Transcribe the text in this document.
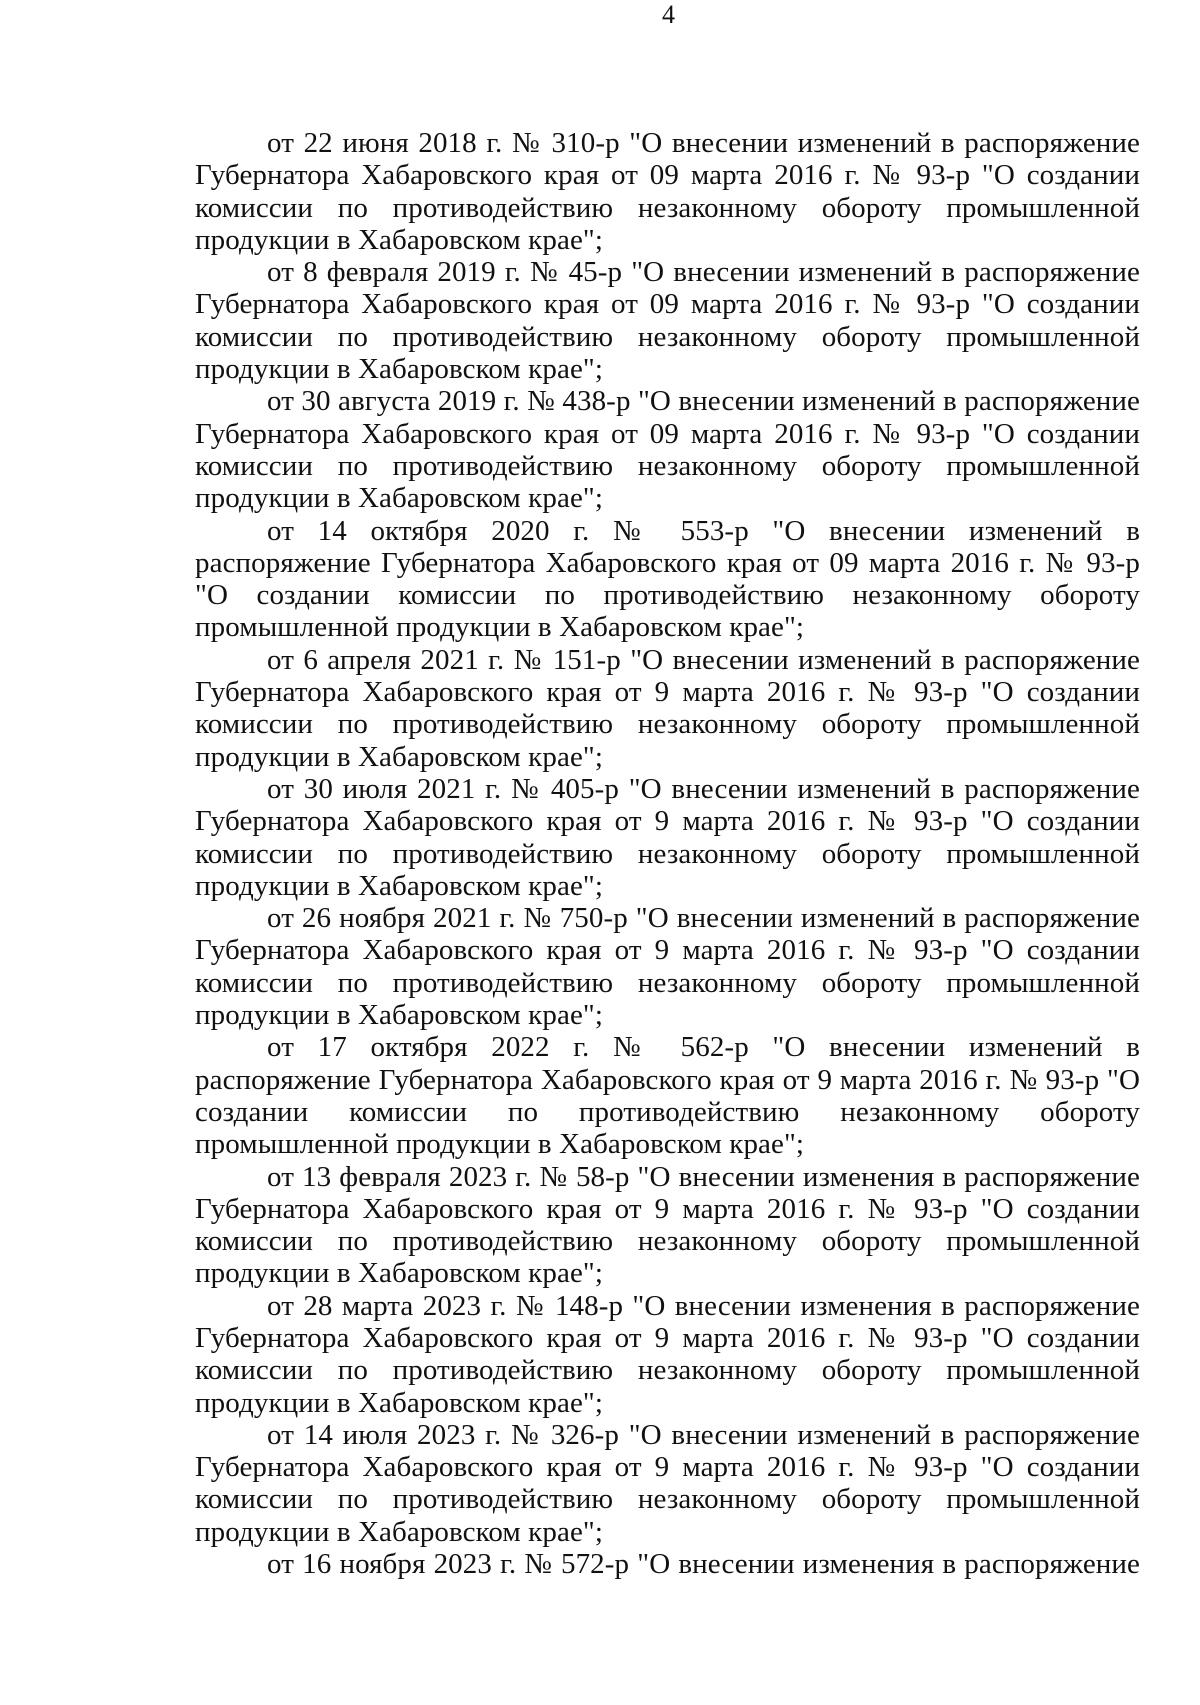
4

от 22 июня 2018 г. № 310-р "О внесении изменений в распоряжение Губернатора Хабаровского края от 09 марта 2016 г. № 93-р "О создании комиссии по противодействию незаконному обороту промышленной продукции в Хабаровском крае";

от 8 февраля 2019 г. № 45-р "О внесении изменений в распоряжение Губернатора Хабаровского края от 09 марта 2016 г. № 93-р "О создании комиссии по противодействию незаконному обороту промышленной продукции в Хабаровском крае";

от 30 августа 2019 г. № 438-р "О внесении изменений в распоряжение Губернатора Хабаровского края от 09 марта 2016 г. № 93-р "О создании комиссии по противодействию незаконному обороту промышленной продукции в Хабаровском крае";

от 14 октября 2020 г. № 553-р "О внесении изменений в распоряжение Губернатора Хабаровского края от 09 марта 2016 г. № 93-р "О создании комиссии по противодействию незаконному обороту промышленной продукции в Хабаровском крае";

от 6 апреля 2021 г. № 151-р "О внесении изменений в распоряжение Губернатора Хабаровского края от 9 марта 2016 г. № 93-р "О создании комиссии по противодействию незаконному обороту промышленной продукции в Хабаровском крае";

от 30 июля 2021 г. № 405-р "О внесении изменений в распоряжение Губернатора Хабаровского края от 9 марта 2016 г. № 93-р "О создании комиссии по противодействию незаконному обороту промышленной продукции в Хабаровском крае";

от 26 ноября 2021 г. № 750-р "О внесении изменений в распоряжение Губернатора Хабаровского края от 9 марта 2016 г. № 93-р "О создании комиссии по противодействию незаконному обороту промышленной продукции в Хабаровском крае";

от 17 октября 2022 г. № 562-р "О внесении изменений в распоряжение Губернатора Хабаровского края от 9 марта 2016 г. № 93-р "О создании комиссии по противодействию незаконному обороту промышленной продукции в Хабаровском крае";

от 13 февраля 2023 г. № 58-р "О внесении изменения в распоряжение Губернатора Хабаровского края от 9 марта 2016 г. № 93-р "О создании комиссии по противодействию незаконному обороту промышленной продукции в Хабаровском крае";

от 28 марта 2023 г. № 148-р "О внесении изменения в распоряжение Губернатора Хабаровского края от 9 марта 2016 г. № 93-р "О создании комиссии по противодействию незаконному обороту промышленной продукции в Хабаровском крае";

от 14 июля 2023 г. № 326-р "О внесении изменений в распоряжение Губернатора Хабаровского края от 9 марта 2016 г. № 93-р "О создании комиссии по противодействию незаконному обороту промышленной продукции в Хабаровском крае";

от 16 ноября 2023 г. № 572-р "О внесении изменения в распоряжение
